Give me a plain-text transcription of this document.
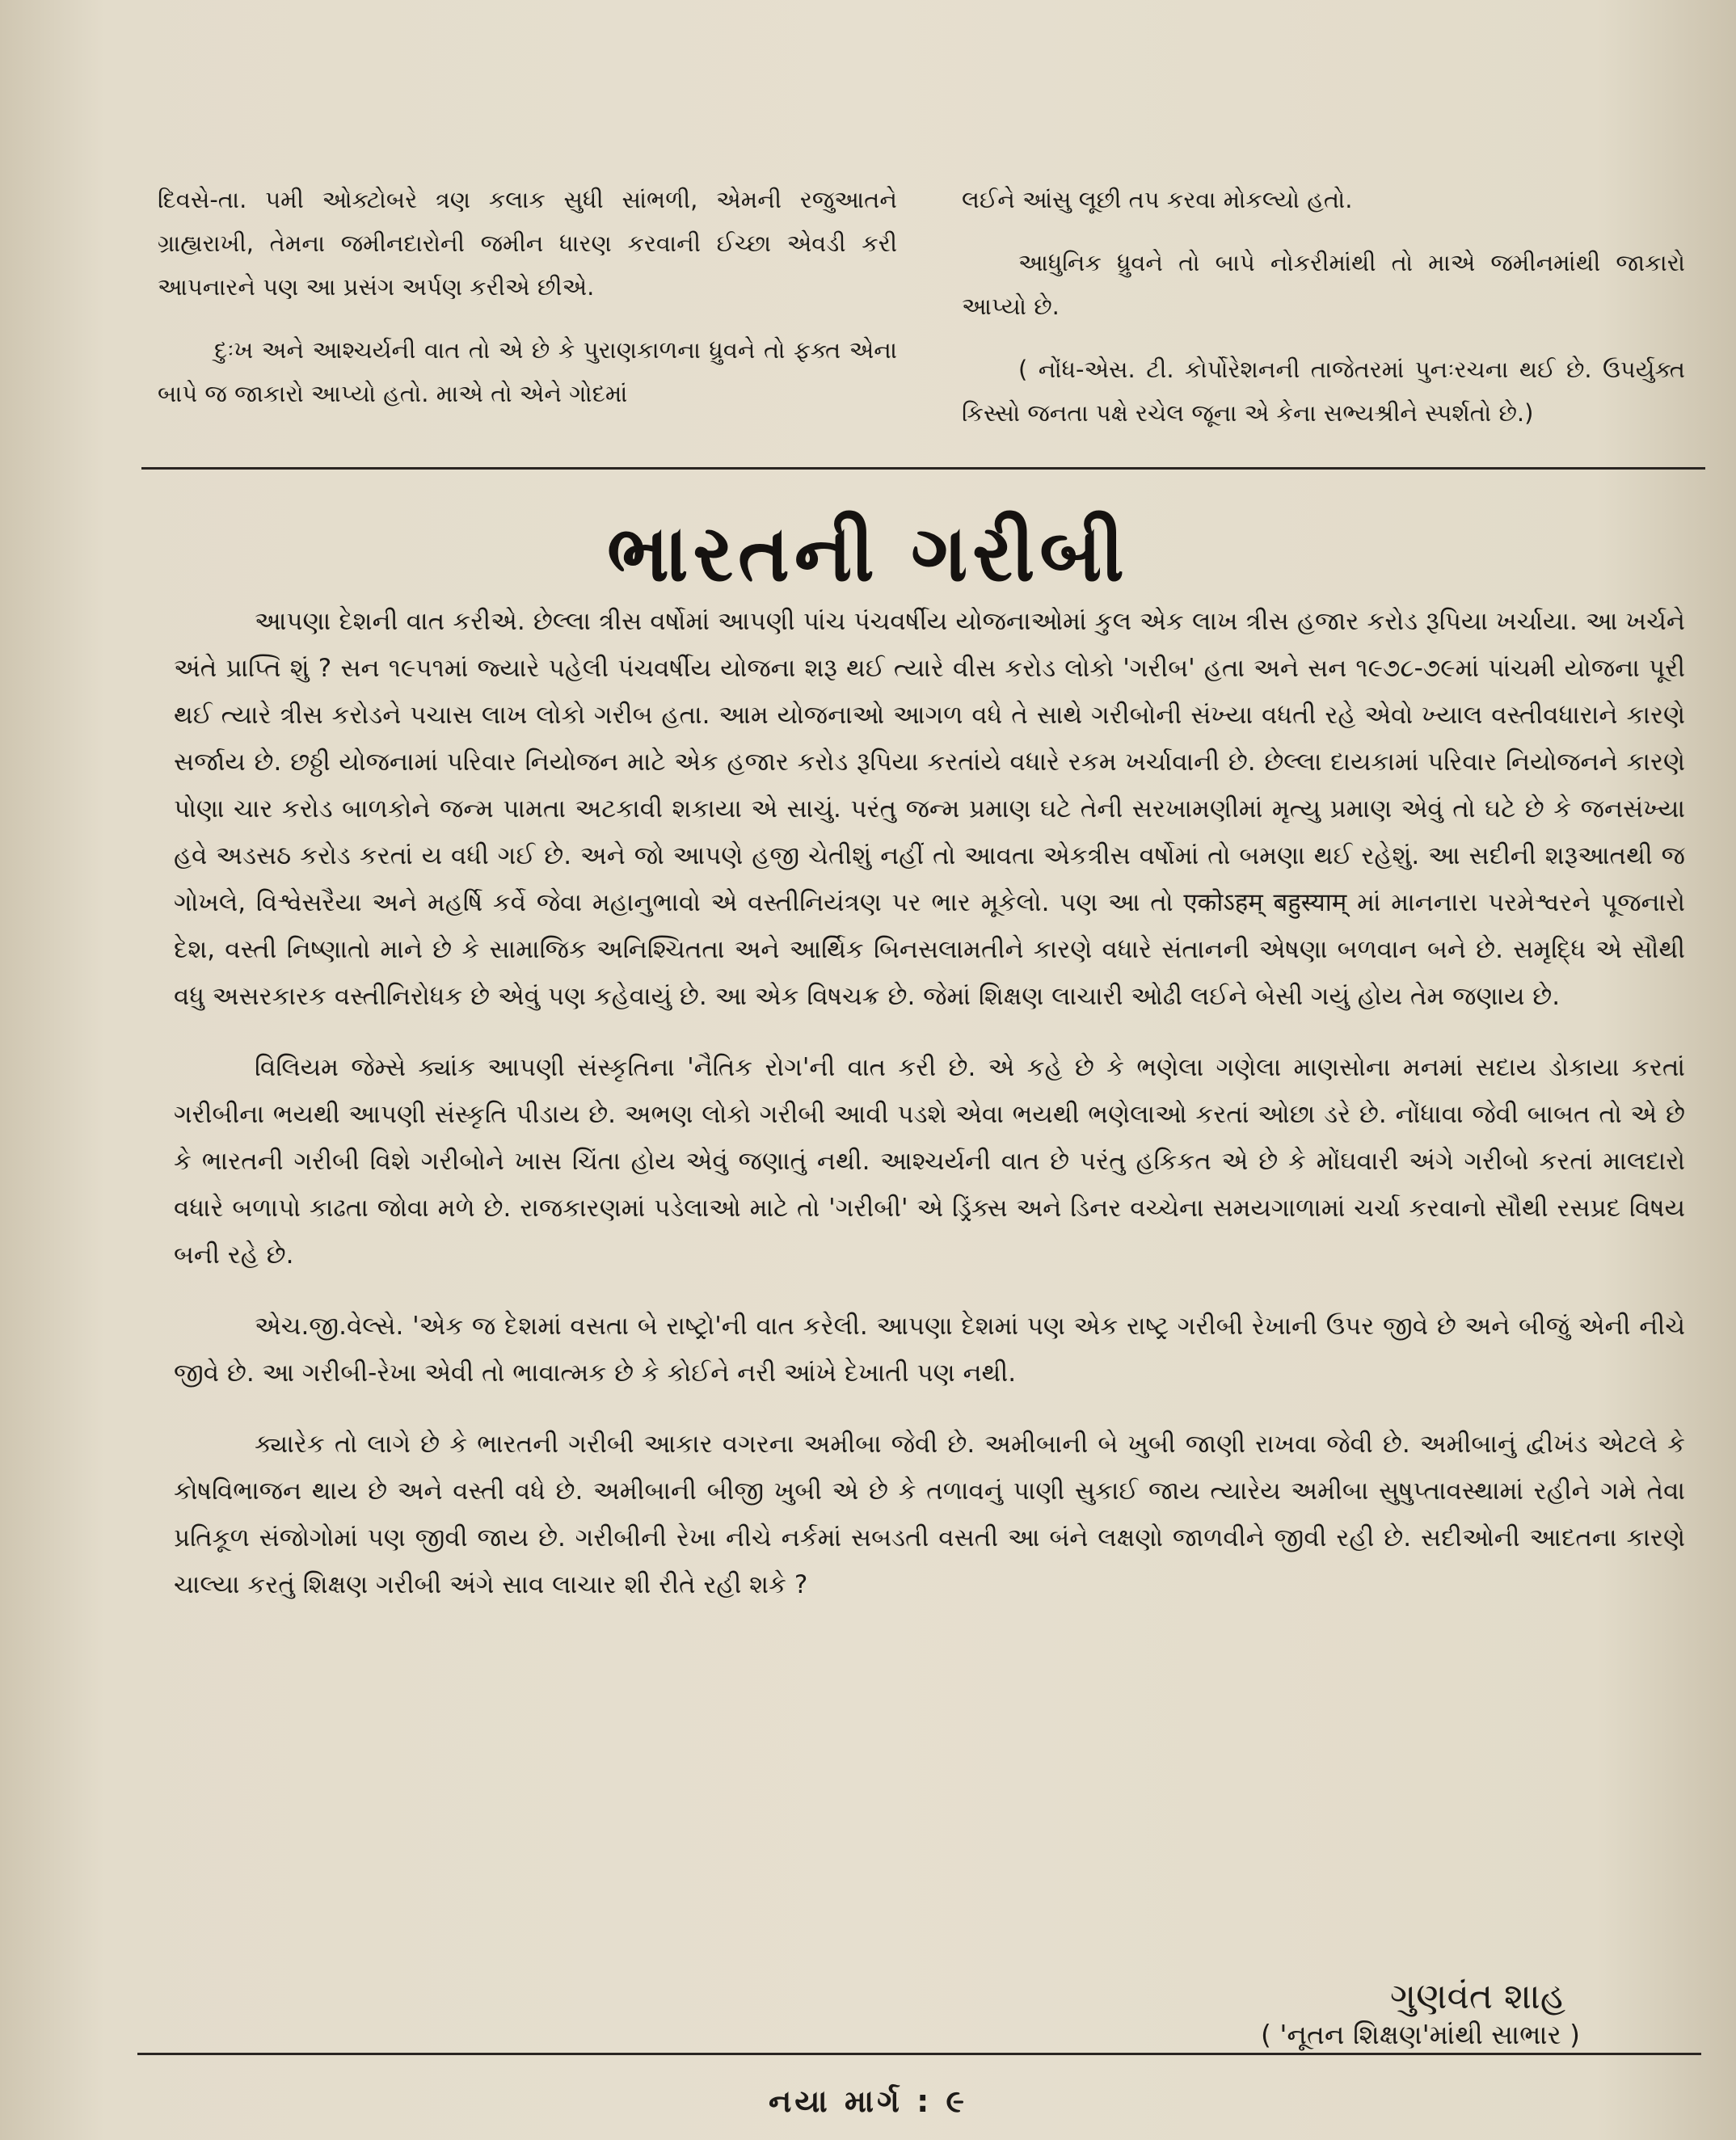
દિવસે-તા. ૫મી ઓક્ટોબરે ત્રણ કલાક સુધી સાંભળી, એમની રજુઆતને ગ્રાહ્યરાખી, તેમના જમીનદારોની જમીન ધારણ કરવાની ઈચ્છા એવડી કરી આપનારને પણ આ પ્રસંગ અર્પણ કરીએ છીએ.

દુઃખ અને આશ્ચર્યની વાત તો એ છે કે પુરાણકાળના ધ્રુવને તો ફક્ત એના બાપે જ જાકારો આપ્યો હતો. માએ તો એને ગોદમાં

લઈને આંસુ લૂછી તપ કરવા મોકલ્યો હતો.

આધુનિક ધ્રુવને તો બાપે નોકરીમાંથી તો માએ જમીનમાંથી જાકારો આપ્યો છે.

( નોંધ-એસ. ટી. કોર્પોરેશનની તાજેતરમાં પુનઃરચના થઈ છે. ઉપર્યુક્ત કિસ્સો જનતા પક્ષે રચેલ જૂના એ કેના સભ્યશ્રીને સ્પર્શતો છે.)

ભારતની ગરીબી

આપણા દેશની વાત કરીએ. છેલ્લા ત્રીસ વર્ષોમાં આપણી પાંચ પંચવર્ષીય યોજનાઓમાં કુલ એક લાખ ત્રીસ હજાર કરોડ રૂપિયા ખર્ચાયા. આ ખર્ચને અંતે પ્રાપ્તિ શું ? સન ૧૯૫૧માં જ્યારે પહેલી પંચવર્ષીય યોજના શરૂ થઈ ત્યારે વીસ કરોડ લોકો 'ગરીબ' હતા અને સન ૧૯૭૮-૭૯માં પાંચમી યોજના પૂરી થઈ ત્યારે ત્રીસ કરોડને પચાસ લાખ લોકો ગરીબ હતા. આમ યોજનાઓ આગળ વધે તે સાથે ગરીબોની સંખ્યા વધતી રહે એવો ખ્યાલ વસ્તીવધારાને કારણે સર્જાય છે. છઠ્ઠી યોજનામાં પરિવાર નિયોજન માટે એક હજાર કરોડ રૂપિયા કરતાંયે વધારે રકમ ખર્ચાવાની છે. છેલ્લા દાયકામાં પરિવાર નિયોજનને કારણે પોણા ચાર કરોડ બાળકોને જન્મ પામતા અટકાવી શકાયા એ સાચું. પરંતુ જન્મ પ્રમાણ ઘટે તેની સરખામણીમાં મૃત્યુ પ્રમાણ એવું તો ઘટે છે કે જનસંખ્યા હવે અડસઠ કરોડ કરતાં ય વધી ગઈ છે. અને જો આપણે હજી ચેતીશું નહીં તો આવતા એકત્રીસ વર્ષોમાં તો બમણા થઈ રહેશું. આ સદીની શરૂઆતથી જ ગોખલે, વિશ્વેસરૈયા અને મહર્ષિ કર્વે જેવા મહાનુભાવો એ વસ્તીનિયંત્રણ પર ભાર મૂકેલો. પણ આ તો एकोऽहम् बहुस्याम् માં માનનારા પરમેશ્વરને પૂજનારો દેશ, વસ્તી નિષ્ણાતો માને છે કે સામાજિક અનિશ્ચિતતા અને આર્થિક બિનસલામતીને કારણે વધારે સંતાનની એષણા બળવાન બને છે. સમૃદ્ધિ એ સૌથી વધુ અસરકારક વસ્તીનિરોધક છે એવું પણ કહેવાયું છે. આ એક વિષચક્ર છે. જેમાં શિક્ષણ લાચારી ઓઢી લઈને બેસી ગયું હોય તેમ જણાય છે.

વિલિયમ જેમ્સે ક્યાંક આપણી સંસ્કૃતિના 'નૈતિક રોગ'ની વાત કરી છે. એ કહે છે કે ભણેલા ગણેલા માણસોના મનમાં સદાય ડોકાયા કરતાં ગરીબીના ભયથી આપણી સંસ્કૃતિ પીડાય છે. અભણ લોકો ગરીબી આવી પડશે એવા ભયથી ભણેલાઓ કરતાં ઓછા ડરે છે. નોંધાવા જેવી બાબત તો એ છે કે ભારતની ગરીબી વિશે ગરીબોને ખાસ ચિંતા હોય એવું જણાતું નથી. આશ્ચર્યની વાત છે પરંતુ હકિકત એ છે કે મોંઘવારી અંગે ગરીબો કરતાં માલદારો વધારે બળાપો કાઢતા જોવા મળે છે. રાજકારણમાં પડેલાઓ માટે તો 'ગરીબી' એ ડ્રિંક્સ અને ડિનર વચ્ચેના સમયગાળામાં ચર્ચા કરવાનો સૌથી રસપ્રદ વિષય બની રહે છે.

એચ.જી.વેલ્સે. 'એક જ દેશમાં વસતા બે રાષ્ટ્રો'ની વાત કરેલી. આપણા દેશમાં પણ એક રાષ્ટ્ર ગરીબી રેખાની ઉપર જીવે છે અને બીજું એની નીચે જીવે છે. આ ગરીબી-રેખા એવી તો ભાવાત્મક છે કે કોઈને નરી આંખે દેખાતી પણ નથી.

ક્યારેક તો લાગે છે કે ભારતની ગરીબી આકાર વગરના અમીબા જેવી છે. અમીબાની બે ખુબી જાણી રાખવા જેવી છે. અમીબાનું દ્વીખંડ એટલે કે કોષવિભાજન થાય છે અને વસ્તી વધે છે. અમીબાની બીજી ખુબી એ છે કે તળાવનું પાણી સુકાઈ જાય ત્યારેય અમીબા સુષુપ્તાવસ્થામાં રહીને ગમે તેવા પ્રતિકૂળ સંજોગોમાં પણ જીવી જાય છે. ગરીબીની રેખા નીચે નર્કમાં સબડતી વસતી આ બંને લક્ષણો જાળવીને જીવી રહી છે. સદીઓની આદતના કારણે ચાલ્યા કરતું શિક્ષણ ગરીબી અંગે સાવ લાચાર શી રીતે રહી શકે ?

ગુણવંત શાહ
( 'નૂતન શિક્ષણ'માંથી સાભાર )
નયા માર્ગ : ૯
